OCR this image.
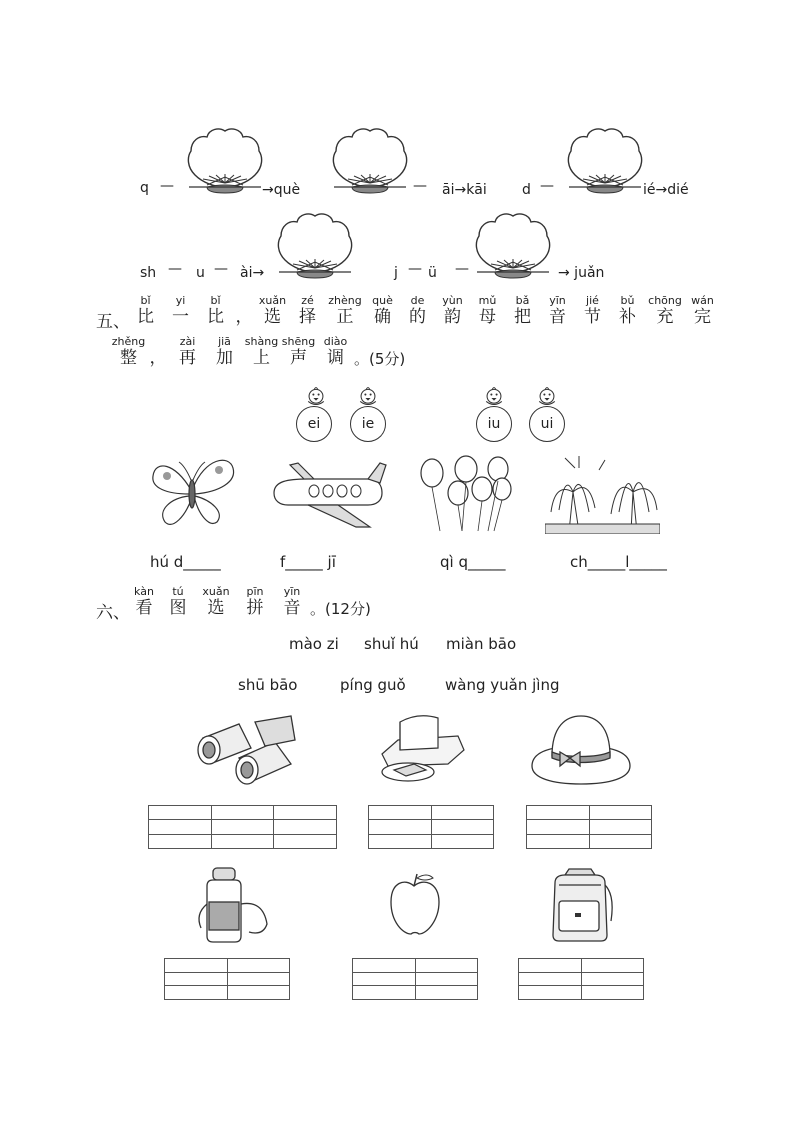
q —	→què	— āi→kāi	d —	ié→dié
sh — u — ài→	j — ü —	→ juǎn
五、
bǐ
比
yi
一
bǐ
比 ，
xuǎn
选
zé
择
zhèng
正
què
确
de
的
yùn
韵
mǔ
母
bǎ
把
yīn
音
jié
节
bǔ
补
chōng
充
wán
完
zhěng
整 ，
zài
再
jiā
加
shàng
上
shēng
声
diào
调 。(5分)
ei	ie	iu	ui
hú d_____	f_____ jī	qì q_____	ch_____l_____
六、
kàn
看
tú
图
xuǎn
选
pīn
拼
yīn
音 。(12分)
mào zi shuǐ hú miàn bāo
shū bāo	píng guǒ	wàng yuǎn jìng
